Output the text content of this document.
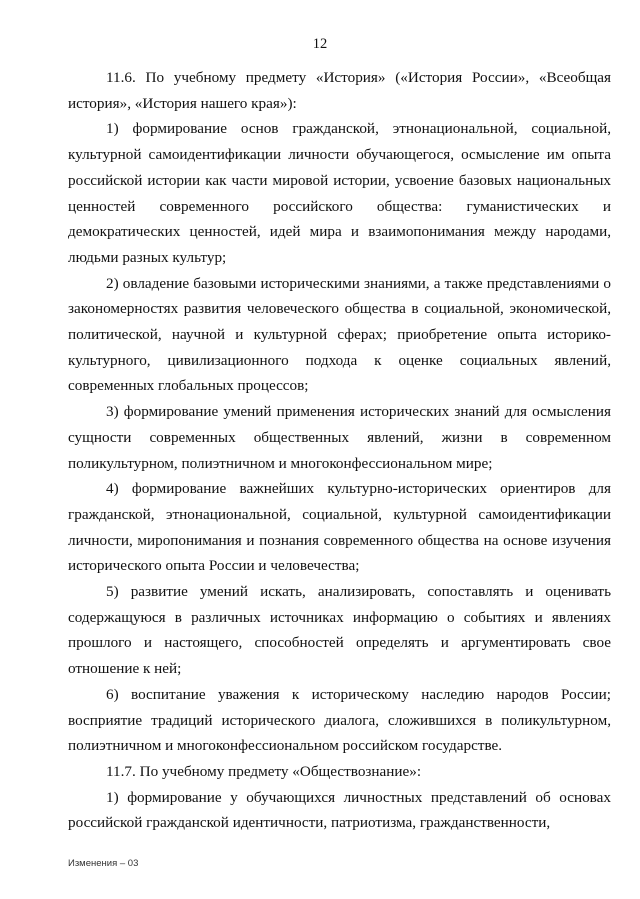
12

11.6. По учебному предмету «История» («История России», «Всеобщая история», «История нашего края»):

1) формирование основ гражданской, этнонациональной, социальной, культурной самоидентификации личности обучающегося, осмысление им опыта российской истории как части мировой истории, усвоение базовых национальных ценностей современного российского общества: гуманистических и демократических ценностей, идей мира и взаимопонимания между народами, людьми разных культур;

2) овладение базовыми историческими знаниями, а также представлениями о закономерностях развития человеческого общества в социальной, экономической, политической, научной и культурной сферах; приобретение опыта историко-культурного, цивилизационного подхода к оценке социальных явлений, современных глобальных процессов;

3) формирование умений применения исторических знаний для осмысления сущности современных общественных явлений, жизни в современном поликультурном, полиэтничном и многоконфессиональном мире;

4) формирование важнейших культурно-исторических ориентиров для гражданской, этнонациональной, социальной, культурной самоидентификации личности, миропонимания и познания современного общества на основе изучения исторического опыта России и человечества;

5) развитие умений искать, анализировать, сопоставлять и оценивать содержащуюся в различных источниках информацию о событиях и явлениях прошлого и настоящего, способностей определять и аргументировать свое отношение к ней;

6) воспитание уважения к историческому наследию народов России; восприятие традиций исторического диалога, сложившихся в поликультурном, полиэтничном и многоконфессиональном российском государстве.

11.7. По учебному предмету «Обществознание»:

1) формирование у обучающихся личностных представлений об основах российской гражданской идентичности, патриотизма, гражданственности,

Изменения – 03
